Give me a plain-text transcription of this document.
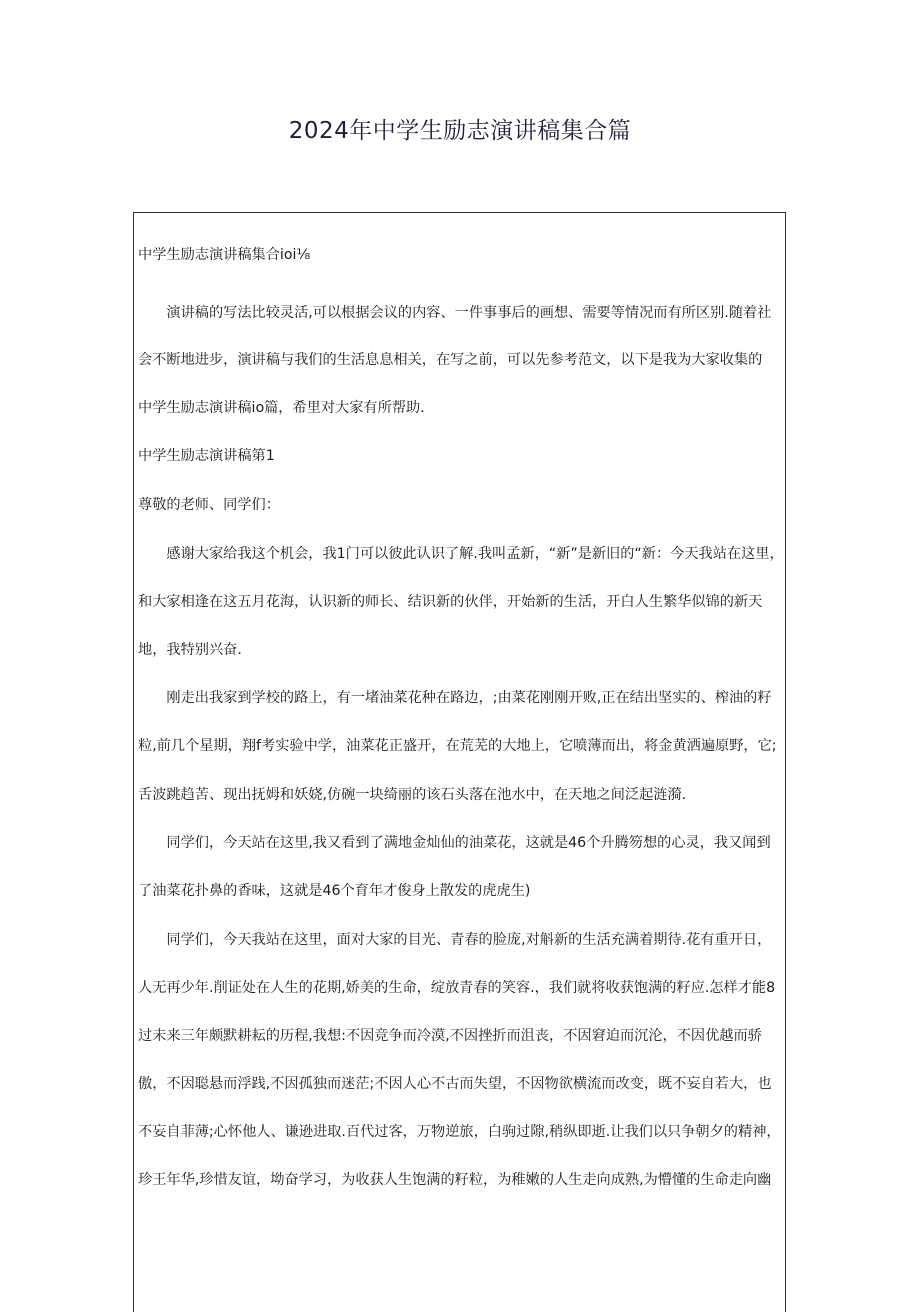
2024年中学生励志演讲稿集合篇

中学生励志演讲稿集合ioi⅛

　　演讲稿的写法比较灵活,可以根据会议的内容、一件事事后的画想、需要等情况而有所区别.随着社

会不断地进步，演讲稿与我们的生活息息相关，在写之前，可以先参考范文，以下是我为大家收集的

中学生励志演讲稿io篇，希里对大家有所帮助.

中学生励志演讲稿第1

尊敬的老师、同学们：

　　感谢大家给我这个机会，我1门可以彼此认识了解.我叫孟新，“新”是新旧的“新：今天我站在这里，

和大家相逢在这五月花海，认识新的师长、结识新的伙伴，开始新的生活，开白人生繁华似锦的新天

地，我特别兴奋.

　　刚走出我家到学校的路上，有一堵油菜花种在路边，;由菜花刚刚开败,正在结出坚实的、榨油的籽

粒,前几个星期，翔f考实验中学，油菜花正盛开，在荒芜的大地上，它喷薄而出，将金黄洒遍原野，它;

舌波跳趋苦、现出抚姆和妖娆,仿碗一块绮丽的该石头落在池水中，在天地之间泛起涟漪.

　　同学们，今天站在这里,我又看到了满地金灿仙的油菜花，这就是46个升腾笏想的心灵，我又闻到

了油菜花扑鼻的香味，这就是46个育年才俊身上散发的虎虎生)

　　同学们，今天我站在这里，面对大家的目光、青春的脸庞,对斛新的生活充满着期待.花有重开日，

人无再少年.削证处在人生的花期,娇美的生命，绽放青春的笑容.，我们就将收获饱满的籽应.怎样才能8

过未来三年颇默耕耘的历程,我想:不因竞争而冷漠,不因挫折而沮丧，不因窘迫而沉沦，不因优越而骄

傲，不因聪悬而浮践,不因孤独而迷茫;不因人心不古而失望，不因物欲横流而改变，既不妄自若大，也

不妄自菲薄;心怀他人、谦逊进取.百代过客，万物逆旅，白驹过隙,稍纵即逝.让我们以只争朝夕的精神，

珍王年华,珍惜友谊，坳奋学习，为收获人生饱满的籽粒，为稚嫩的人生走向成熟,为懵懂的生命走向幽
